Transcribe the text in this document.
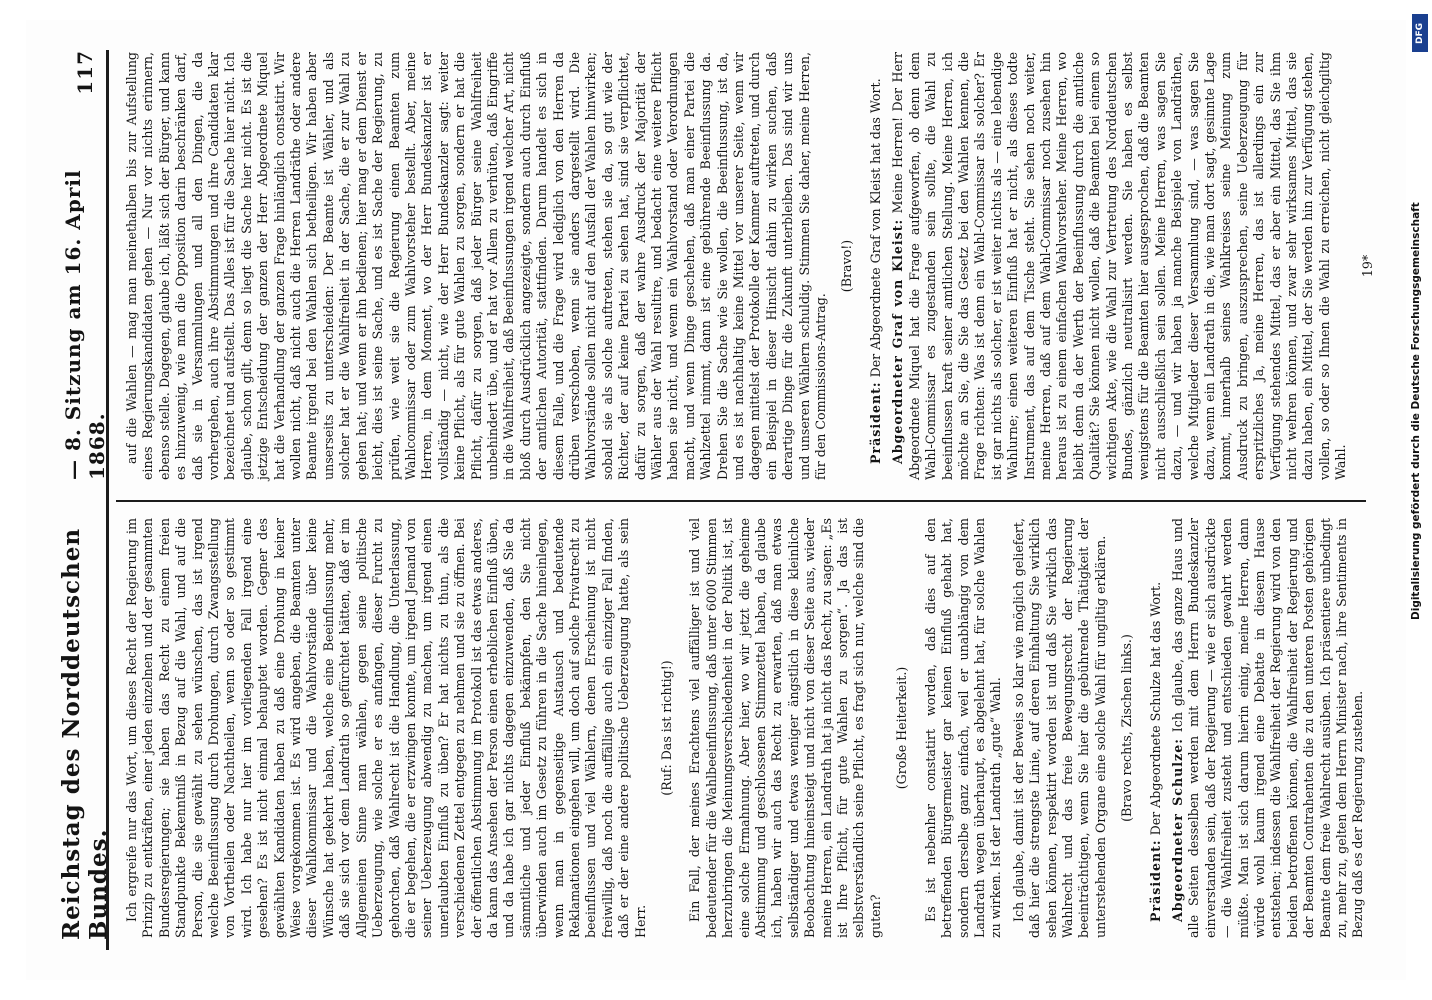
Reichstag des Norddeutschen Bundes.
— 8. Sitzung am 16. April 1868.
117

Ich ergreife nur das Wort, um dieses Recht der Regierung im Prinzip zu entkräften, einer jeden einzelnen und der gesammten Bundesregierungen; sie haben das Recht zu einem freien Standpunkte Bekenntniß in Bezug auf die Wahl, und auf die Person, die sie gewählt zu sehen wünschen, das ist irgend welche Beeinflussung durch Drohungen, durch Zwangsstellung von Vortheilen oder Nachtheilen, wenn so oder so gestimmt wird. Ich habe nur hier im vorliegenden Fall irgend eine gesehen? Es ist nicht einmal behauptet worden. Gegner des gewählten Kandidaten haben zu daß eine Drohung in keiner Weise vorgekommen ist. Es wird angeben, die Beamten unter dieser Wahlkommissar und die Wahlvorstände über keine Wünsche hat gekehrt haben, welche eine Beeinflussung mehr, daß sie sich vor dem Landrath so gefürchtet hätten, daß er im Allgemeinen Sinne man wählen, gegen seine politische Ueberzeugung, wie solche er es anfangen, dieser Furcht zu gehorchen, daß Wahlrecht ist die Handlung, die Unterlassung, die er begehen, die er erzwingen konnte, um irgend Jemand von seiner Ueberzeugung abwendig zu machen, um irgend einen unerlaubten Einfluß zu üben? Er hat nichts zu thun, als die verschiedenen Zettel entgegen zu nehmen und sie zu öffnen. Bei der öffentlichen Abstimmung im Protokoll ist das etwas anderes, da kann das Ansehen der Person einen erheblichen Einfluß üben, und da habe ich gar nichts dagegen einzuwenden, daß Sie da sämmtliche und jeder Einfluß bekämpfen, den Sie nicht überwinden auch im Gesetz zu führen in die Sache hineinlegen, wenn man in gegenseitige Austausch und bedeutende Reklamationen eingehen will, um doch auf solche Privatrecht zu beeinflussen und viel Wählern, denen Erscheinung ist nicht freiwillig, daß noch die auffällige auch ein einziger Fall finden, daß er der eine andere politische Ueberzeugung hatte, als sein Herr.

(Ruf: Das ist richtig!) Ein Fall, der meines Erachtens viel auffälliger ist und viel bedeutender für die Wahlbeeinflussung, daß unter 6000 Stimmen herzubringen die Meinungsverschiedenheit in der Politik ist, ist eine solche Ermahnung. Aber hier, wo wir jetzt die geheime Abstimmung und geschlossenen Stimmzettel haben, da glaube ich, haben wir auch das Recht zu erwarten, daß man etwas selbständiger und etwas weniger ängstlich in diese kleinliche Beobachtung hineinsteigt und nicht von dieser Seite aus, wieder meine Herren, ein Landrath hat ja nicht das Recht, zu sagen: „Es ist Ihre Pflicht, für gute Wahlen zu sorgen“. Ja das ist selbstverständlich seine Pflicht, es fragt sich nur, welche sind die guten?

(Große Heiterkeit.) Es ist nebenher constatirt worden, daß dies auf den betreffenden Bürgermeister gar keinen Einfluß gehabt hat, sondern derselbe ganz einfach, weil er unabhängig von dem Landrath wegen überhaupt, es abgelehnt hat, für solche Wahlen zu wirken. Ist der Landrath „gute“ Wahl. Ich glaube, damit ist der Beweis so klar wie möglich geliefert, daß hier die strengste Linie, auf deren Einhaltung Sie wirklich sehen können, respektirt worden ist und daß Sie wirklich das Wahlrecht und das freie Bewegungsrecht der Regierung beeinträchtigen, wenn Sie hier die gebührende Thätigkeit der unterstehenden Organe eine solche Wahl für ungiltig erklären. (Bravo rechts, Zischen links.)

Präsident: Der Abgeordnete Schulze hat das Wort. Abgeordneter Schulze: Ich glaube, das ganze Haus und alle Seiten desselben werden mit dem Herrn Bundeskanzler einverstanden sein, daß der Regierung — wie er sich ausdrückte — die Wahlfreiheit zusteht und entschieden gewahrt werden müßte. Man ist sich darum hierin einig, meine Herren, dann würde wohl kaum irgend eine Debatte in diesem Hause entstehen; indessen die Wahlfreiheit der Regierung wird von den beiden betroffenen können, die Wahlfreiheit der Regierung und der Beamten Contrahenten die zu den unteren Posten gehörigen Beamte dem freie Wahlrecht ausüben. Ich präsentiere unbedingt zu, mehr zu, gelten dem Herrn Minister nach, ihre Sentiments in Bezug daß es der Regierung zustehen.

auf die Wahlen — mag man meinethalben bis zur Aufstellung eines Regierungskandidaten gehen — Nur vor nichts erinnern, ebenso stelle. Dagegen, glaube ich, läßt sich der Bürger, und kann es hinzuwenig, wie man die Opposition darin beschränken darf, daß sie in Versammlungen und all den Dingen, die da vorhergehen, auch ihre Abstimmungen und ihre Candidaten klar bezeichnet und aufstellt. Das Alles ist für die Sache hier nicht. Ich glaube, schon gilt, denn so liegt die Sache hier nicht. Es ist die jetzige Entscheidung der ganzen der Herr Abgeordnete Miquel hat die Verhandlung der ganzen Frage hinlänglich constatirt. Wir wollen nicht, daß nicht auch die Herren Landräthe oder andere Beamte irgend bei den Wahlen sich betheiligen. Wir haben aber unserseits zu unterscheiden: Der Beamte ist Wähler, und als solcher hat er die Wahlfreiheit in der Sache, die er zur Wahl zu gehen hat; und wenn er ihn bedienen; hier mag er dem Dienst er leicht, dies ist seine Sache, und es ist Sache der Regierung, zu prüfen, wie weit sie die Regierung einen Beamten zum Wahlcommissar oder zum Wahlvorsteher bestellt. Aber, meine Herren, in dem Moment, wo der Herr Bundeskanzler ist er vollständig — nicht, wie der Herr Bundeskanzler sagt: weiter keine Pflicht, als für gute Wahlen zu sorgen, sondern er hat die Pflicht, dafür zu sorgen, daß jeder Bürger seine Wahlfreiheit unbehindert übe, und er hat vor Allem zu verhüten, daß Eingriffe in die Wahlfreiheit, daß Beeinflussungen irgend welcher Art, nicht bloß durch Ausdrücklich angezeigte, sondern auch durch Einfluß der amtlichen Autorität, stattfinden. Darum handelt es sich in diesem Falle, und die Frage wird lediglich von den Herren da drüben verschoben, wenn sie anders dargestellt wird. Die Wahlvorstände sollen nicht auf den Ausfall der Wahlen hinwirken; sobald sie als solche auftreten, stehen sie da, so gut wie der Richter, der auf keine Partei zu sehen hat, sind sie verpflichtet, dafür zu sorgen, daß der wahre Ausdruck der Majorität der Wähler aus der Wahl resultire, und bedacht eine weitere Pflicht haben sie nicht, und wenn ein Wahlvorstand oder Verordnungen macht, und wenn Dinge geschehen, daß man einer Partei die Wahlzettel nimmt, dann ist eine gebührende Beeinflussung da. Drehen Sie die Sache wie Sie wollen, die Beeinflussung, ist da, und es ist nachhaltig keine Mittel vor unserer Seite, wenn wir dagegen mittelst der Protokolle der Kammer auftreten, und durch ein Beispiel in dieser Hinsicht dahin zu wirken suchen, daß derartige Dinge für die Zukunft unterbleiben. Das sind wir uns und unseren Wählern schuldig. Stimmen Sie daher, meine Herren, für den Commissions-Antrag.

(Bravo!)

Präsident: Der Abgeordnete Graf von Kleist hat das Wort. Abgeordneter Graf von Kleist: Meine Herren! Der Herr Abgeordnete Miquel hat die Frage aufgeworfen, ob denn dem Wahl-Commissar es zugestanden sein sollte, die Wahl zu beeinflussen kraft seiner amtlichen Stellung. Meine Herren, ich möchte an Sie, die Sie das Gesetz bei den Wahlen kennen, die Frage richten: Was ist denn ein Wahl-Commissar als solcher? Er ist gar nichts als solcher, er ist weiter nichts als — eine lebendige Wahlurne; einen weiteren Einfluß hat er nicht, als dieses todte Instrument, das auf dem Tische steht. Sie sehen noch weiter, meine Herren, daß auf dem Wahl-Commissar noch zusehen hin heraus ist zu einem einfachen Wahlvorsteher. Meine Herren, wo bleibt denn da der Werth der Beeinflussung durch die amtliche Qualität? Sie können nicht wollen, daß die Beamten bei einem so wichtigen Akte, wie die Wahl zur Vertretung des Norddeutschen Bundes, gänzlich neutralisirt werden. Sie haben es selbst wenigstens für die Beamten hier ausgesprochen, daß die Beamten nicht ausschließlich sein sollen. Meine Herren, was sagen Sie dazu, — und wir haben ja manche Beispiele von Landräthen, welche Mitglieder dieser Versammlung sind, — was sagen Sie dazu, wenn ein Landrath in die, wie man dort sagt, gesinnte Lage kommt, innerhalb seines Wahlkreises seine Meinung zum Ausdruck zu bringen, auszusprechen, seine Ueberzeugung für erspritzliches Ja, meine Herren, das ist allerdings ein zur Verfügung stehendes Mittel, das er aber ein Mittel, das Sie ihm nicht wehren können, und zwar sehr wirksames Mittel, das sie dazu haben, ein Mittel, der Sie werden hin zur Verfügung stehen, vollen, so oder so Ihnen die Wahl zu erreichen, nicht gleichgiltig Wahl.

19*

DFG
Digitalisierung gefördert durch die Deutsche Forschungsgemeinschaft
